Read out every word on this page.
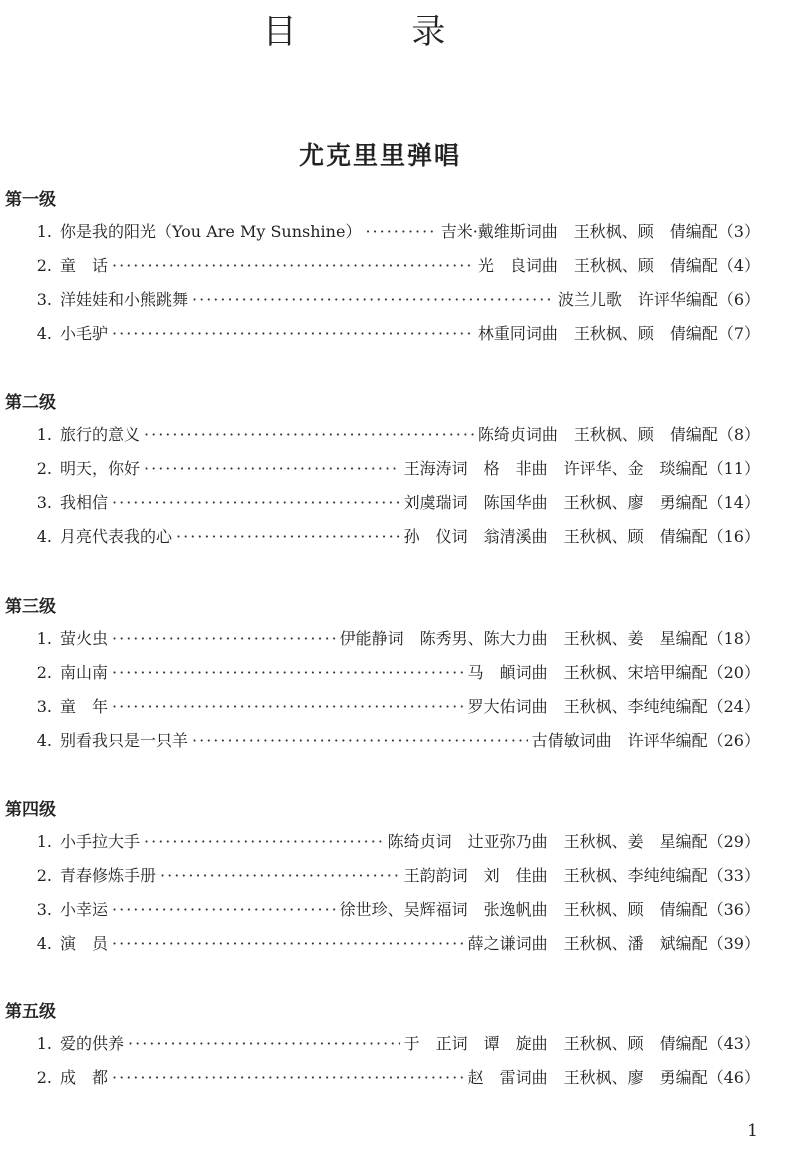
目 录
尤克里里弹唱
第一级
1. 你是我的阳光（You Are My Sunshine） ·····	吉米·戴维斯词曲　王秋枫、顾　倩编配（3）
2. 童　话 ·····	光　良词曲　王秋枫、顾　倩编配（4）
3. 洋娃娃和小熊跳舞 ·····	波兰儿歌　许评华编配（6）
4. 小毛驴 ·····	林重同词曲　王秋枫、顾　倩编配（7）
第二级
1. 旅行的意义 ·····	陈绮贞词曲　王秋枫、顾　倩编配（8）
2. 明天，你好 ·····	王海涛词　格　非曲　许评华、金　琰编配（11）
3. 我相信 ·····	刘虞瑞词　陈国华曲　王秋枫、廖　勇编配（14）
4. 月亮代表我的心 ·····	孙　仪词　翁清溪曲　王秋枫、顾　倩编配（16）
第三级
1. 萤火虫 ·····	伊能静词　陈秀男、陈大力曲　王秋枫、姜　星编配（18）
2. 南山南 ·····	马　頔词曲　王秋枫、宋培甲编配（20）
3. 童　年 ·····	罗大佑词曲　王秋枫、李纯纯编配（24）
4. 别看我只是一只羊 ·····	古倩敏词曲　许评华编配（26）
第四级
1. 小手拉大手 ·····	陈绮贞词　辻亚弥乃曲　王秋枫、姜　星编配（29）
2. 青春修炼手册 ·····	王韵韵词　刘　佳曲　王秋枫、李纯纯编配（33）
3. 小幸运 ·····	徐世珍、吴辉福词　张逸帆曲　王秋枫、顾　倩编配（36）
4. 演　员 ·····	薛之谦词曲　王秋枫、潘　斌编配（39）
第五级
1. 爱的供养 ·····	于　正词　谭　旋曲　王秋枫、顾　倩编配（43）
2. 成　都 ·····	赵　雷词曲　王秋枫、廖　勇编配（46）
1
